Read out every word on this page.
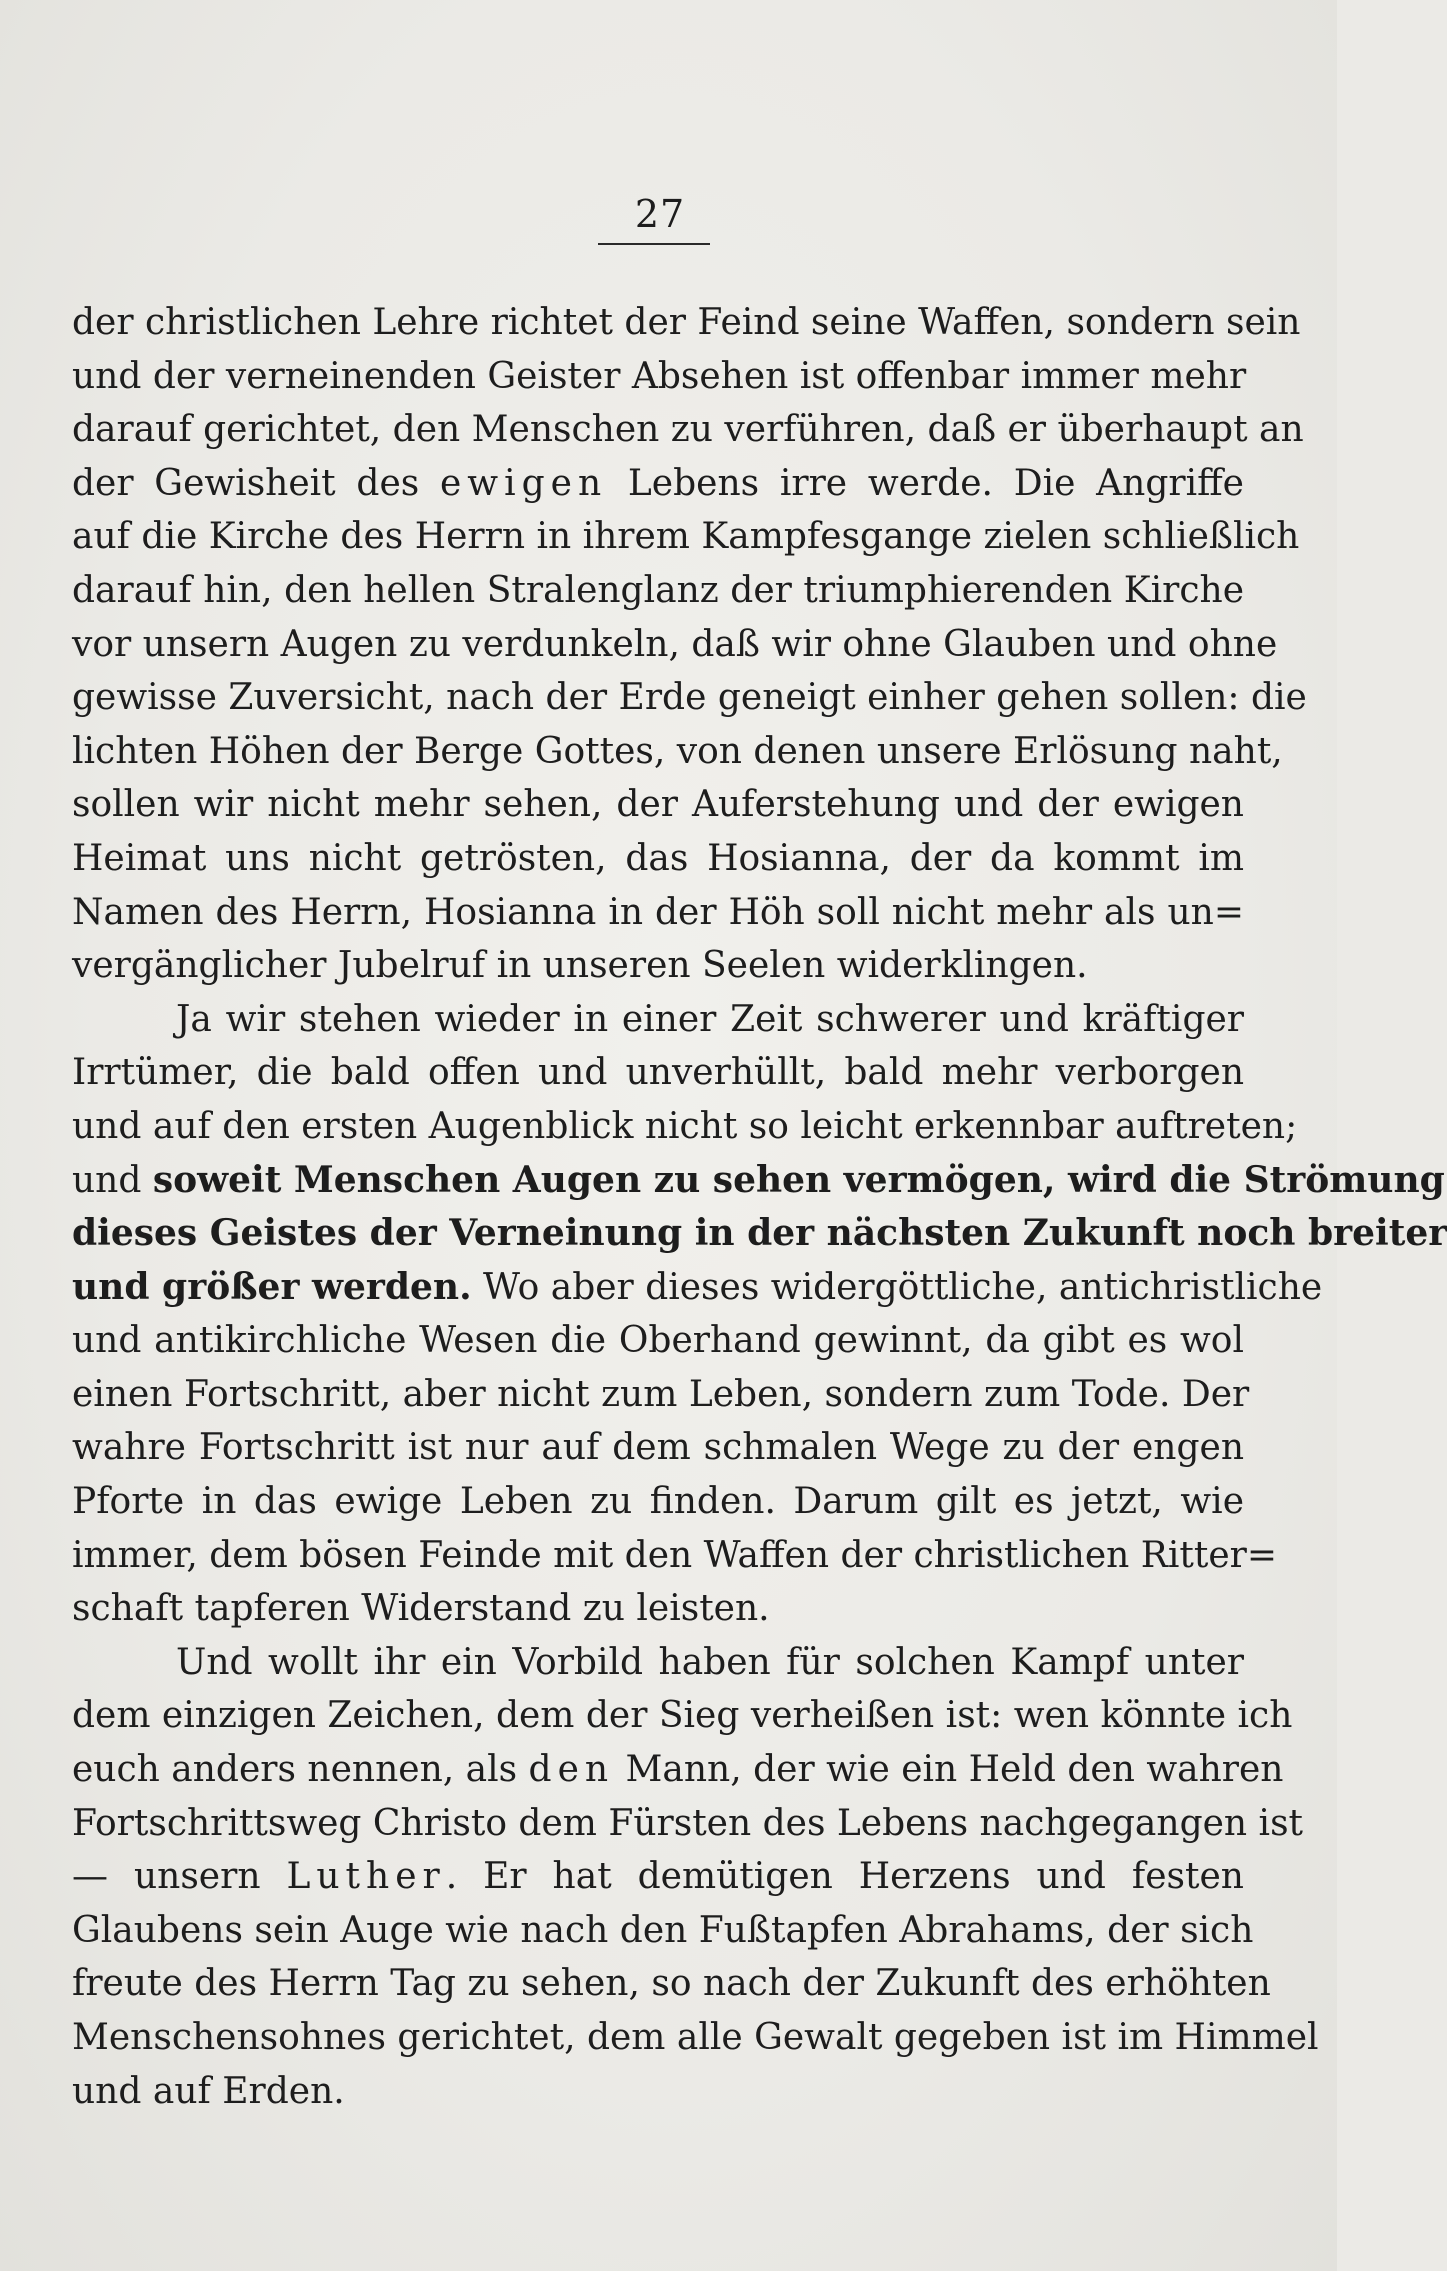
27
der christlichen Lehre richtet der Feind seine Waffen, sondern sein
und der verneinenden Geister Absehen ist offenbar immer mehr
darauf gerichtet, den Menschen zu verführen, daß er überhaupt an
der Gewisheit des ewigen Lebens irre werde. Die Angriffe
auf die Kirche des Herrn in ihrem Kampfesgange zielen schließlich
darauf hin, den hellen Stralenglanz der triumphierenden Kirche
vor unsern Augen zu verdunkeln, daß wir ohne Glauben und ohne
gewisse Zuversicht, nach der Erde geneigt einher gehen sollen: die
lichten Höhen der Berge Gottes, von denen unsere Erlösung naht,
sollen wir nicht mehr sehen, der Auferstehung und der ewigen
Heimat uns nicht getrösten, das Hosianna, der da kommt im
Namen des Herrn, Hosianna in der Höh soll nicht mehr als un=
vergänglicher Jubelruf in unseren Seelen widerklingen.
Ja wir stehen wieder in einer Zeit schwerer und kräftiger
Irrtümer, die bald offen und unverhüllt, bald mehr verborgen
und auf den ersten Augenblick nicht so leicht erkennbar auftreten;
und soweit Menschen Augen zu sehen vermögen, wird die Strömung
dieses Geistes der Verneinung in der nächsten Zukunft noch breiter
und größer werden. Wo aber dieses widergöttliche, antichristliche
und antikirchliche Wesen die Oberhand gewinnt, da gibt es wol
einen Fortschritt, aber nicht zum Leben, sondern zum Tode. Der
wahre Fortschritt ist nur auf dem schmalen Wege zu der engen
Pforte in das ewige Leben zu finden. Darum gilt es jetzt, wie
immer, dem bösen Feinde mit den Waffen der christlichen Ritter=
schaft tapferen Widerstand zu leisten.
Und wollt ihr ein Vorbild haben für solchen Kampf unter
dem einzigen Zeichen, dem der Sieg verheißen ist: wen könnte ich
euch anders nennen, als den Mann, der wie ein Held den wahren
Fortschrittsweg Christo dem Fürsten des Lebens nachgegangen ist
— unsern Luther. Er hat demütigen Herzens und festen
Glaubens sein Auge wie nach den Fußtapfen Abrahams, der sich
freute des Herrn Tag zu sehen, so nach der Zukunft des erhöhten
Menschensohnes gerichtet, dem alle Gewalt gegeben ist im Himmel
und auf Erden.
